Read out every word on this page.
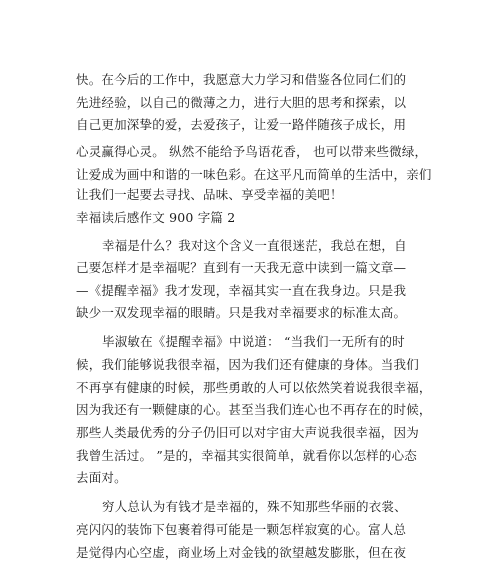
快。在今后的工作中，我愿意大力学习和借鉴各位同仁们的
先进经验，以自己的微薄之力，进行大胆的思考和探索，以
自己更加深挚的爱，去爱孩子，让爱一路伴随孩子成长，用
心灵赢得心灵。 纵然不能给予鸟语花香， 也可以带来些微绿，
让爱成为画中和谐的一味色彩。在这平凡而简单的生活中，亲们
让我们一起要去寻找、品味、享受幸福的美吧！
幸福读后感作文 900 字篇 2
幸福是什么？我对这个含义一直很迷茫，我总在想，自
己要怎样才是幸福呢？直到有一天我无意中读到一篇文章—
—《提醒幸福》我才发现，幸福其实一直在我身边。只是我
缺少一双发现幸福的眼睛。只是我对幸福要求的标准太高。
毕淑敏在《提醒幸福》中说道： “当我们一无所有的时
候，我们能够说我很幸福，因为我们还有健康的身体。当我们
不再享有健康的时候，那些勇敢的人可以依然笑着说我很幸福，
因为我还有一颗健康的心。甚至当我们连心也不再存在的时候，
那些人类最优秀的分子仍旧可以对宇宙大声说我很幸福，因为
我曾生活过。 ”是的，幸福其实很简单，就看你以怎样的心态
去面对。
穷人总认为有钱才是幸福的，殊不知那些华丽的衣裳、
亮闪闪的装饰下包裹着得可能是一颗怎样寂寞的心。富人总
是觉得内心空虚，商业场上对金钱的欲望越发膨胀，但在夜
